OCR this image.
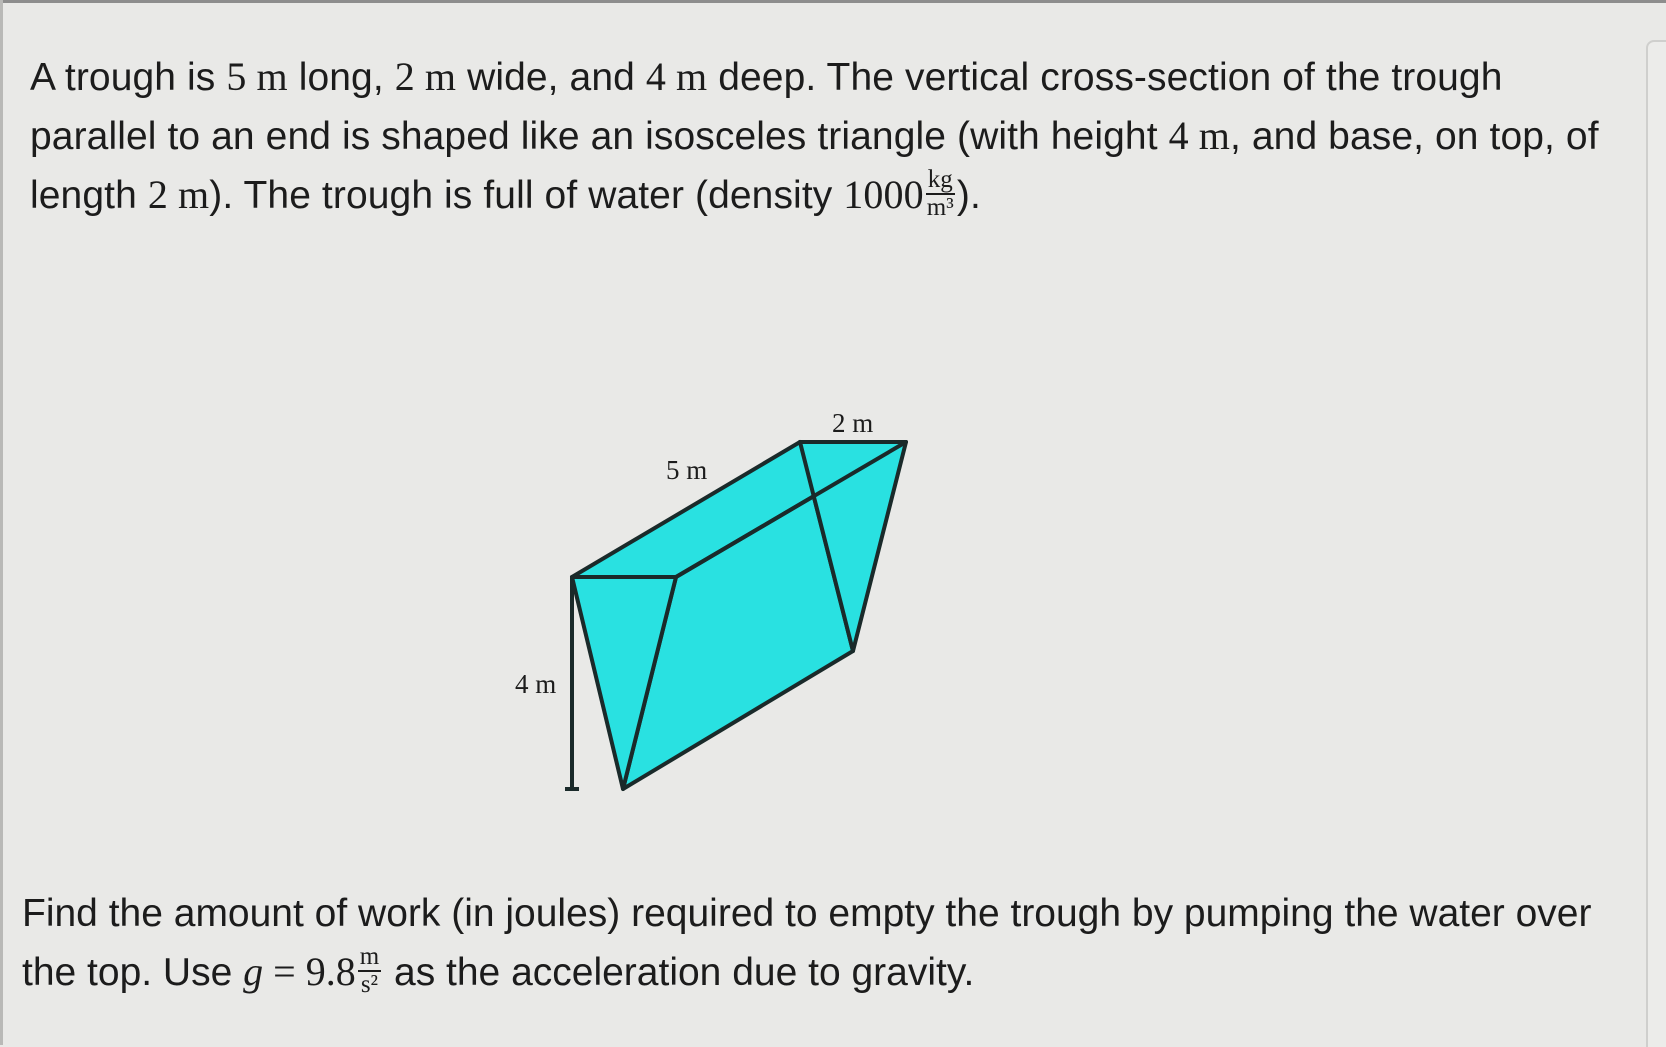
A trough is 5 m long, 2 m wide, and 4 m deep. The vertical cross-section of the trough parallel to an end is shaped like an isosceles triangle (with height 4 m, and base, on top, of length 2 m). The trough is full of water (density $1000 \frac{kg}{\text{m³}}$ ).
5 m
2 m
4 m
Find the amount of work (in joules) required to empty the trough by pumping the water over the top. Use $g = 9.8 \frac{m}{\text{s²}}$ as the acceleration due to gravity.
